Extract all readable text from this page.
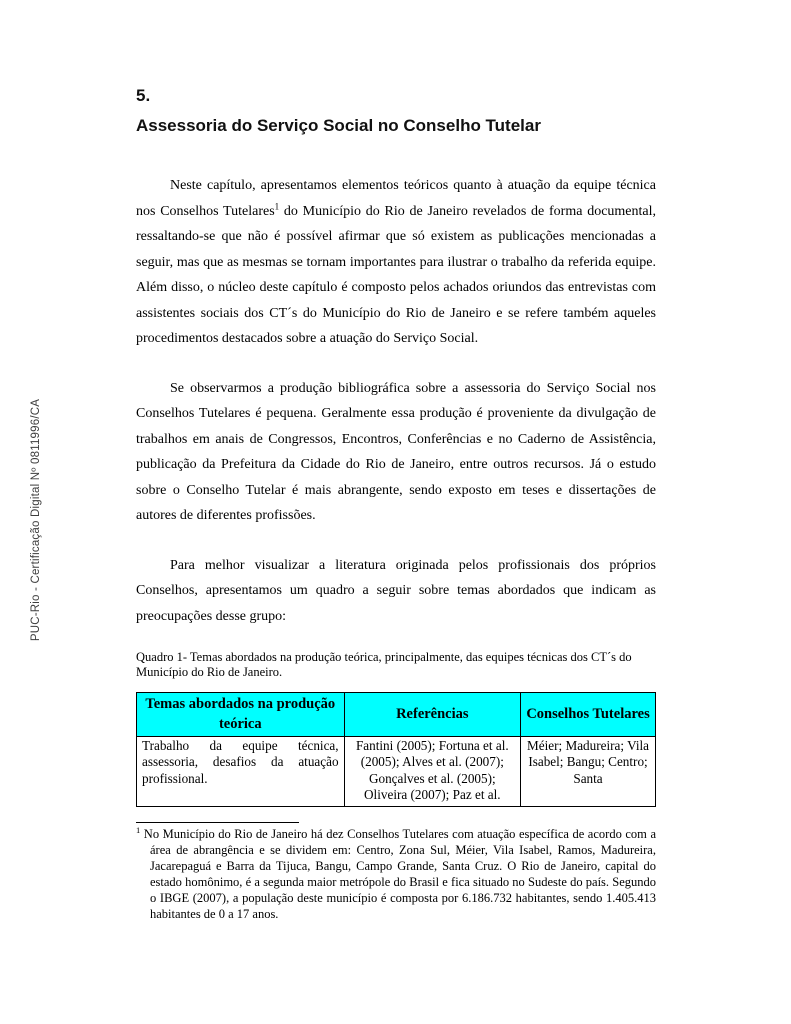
PUC-Rio - Certificação Digital Nº 0811996/CA

5.

Assessoria do Serviço Social no Conselho Tutelar

Neste capítulo, apresentamos elementos teóricos quanto à atuação da equipe técnica nos Conselhos Tutelares$^1$ do Município do Rio de Janeiro revelados de forma documental, ressaltando-se que não é possível afirmar que só existem as publicações mencionadas a seguir, mas que as mesmas se tornam importantes para ilustrar o trabalho da referida equipe. Além disso, o núcleo deste capítulo é composto pelos achados oriundos das entrevistas com assistentes sociais dos CT´s do Município do Rio de Janeiro e se refere também aqueles procedimentos destacados sobre a atuação do Serviço Social.

Se observarmos a produção bibliográfica sobre a assessoria do Serviço Social nos Conselhos Tutelares é pequena. Geralmente essa produção é proveniente da divulgação de trabalhos em anais de Congressos, Encontros, Conferências e no Caderno de Assistência, publicação da Prefeitura da Cidade do Rio de Janeiro, entre outros recursos. Já o estudo sobre o Conselho Tutelar é mais abrangente, sendo exposto em teses e dissertações de autores de diferentes profissões.

Para melhor visualizar a literatura originada pelos profissionais dos próprios Conselhos, apresentamos um quadro a seguir sobre temas abordados que indicam as preocupações desse grupo:

Quadro 1- Temas abordados na produção teórica, principalmente, das equipes técnicas dos CT´s do Município do Rio de Janeiro.

Temas abordados na produção teórica	Referências	Conselhos Tutelares
Trabalho da equipe técnica, assessoria, desafios da atuação profissional.	Fantini (2005); Fortuna et al. (2005); Alves et al. (2007); Gonçalves et al. (2005); Oliveira (2007); Paz et al.	Méier; Madureira; Vila Isabel; Bangu; Centro; Santa

$^1$ No Município do Rio de Janeiro há dez Conselhos Tutelares com atuação específica de acordo com a área de abrangência e se dividem em: Centro, Zona Sul, Méier, Vila Isabel, Ramos, Madureira, Jacarepaguá e Barra da Tijuca, Bangu, Campo Grande, Santa Cruz. O Rio de Janeiro, capital do estado homônimo, é a segunda maior metrópole do Brasil e fica situado no Sudeste do país. Segundo o IBGE (2007), a população deste município é composta por 6.186.732 habitantes, sendo 1.405.413 habitantes de 0 a 17 anos.
